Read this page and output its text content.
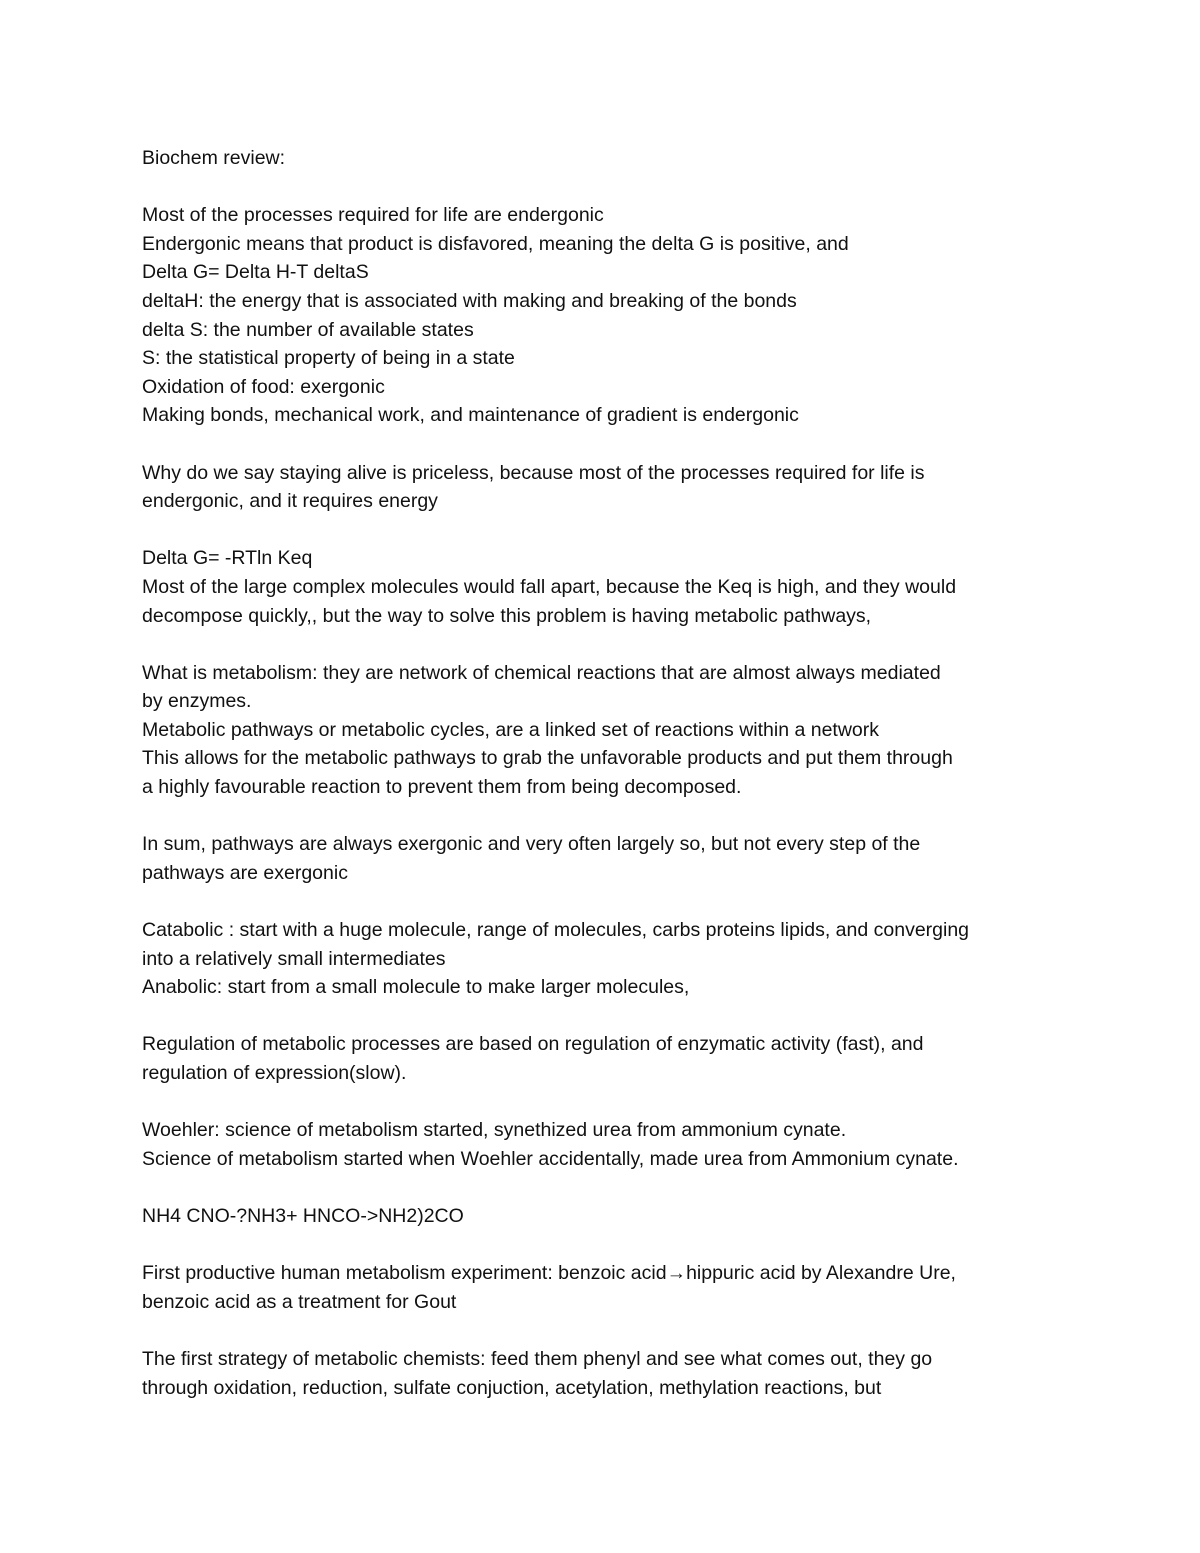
Biochem review:
Most of the processes required for life are endergonic
Endergonic means that product is disfavored, meaning the delta G is positive, and
Delta G= Delta H-T deltaS
deltaH: the energy that is associated with making and breaking of the bonds
delta S: the number of available states
S: the statistical property of being in a state
Oxidation of food: exergonic
Making bonds, mechanical work, and maintenance of gradient is endergonic
Why do we say staying alive is priceless, because most of the processes required for life is
endergonic, and it requires energy
Delta G= -RTln Keq
Most of the large complex molecules would fall apart, because the Keq is high, and they would
decompose quickly,, but the way to solve this problem is having metabolic pathways,
What is metabolism: they are network of chemical reactions that are almost always mediated
by enzymes.
Metabolic pathways or metabolic cycles, are a linked set of reactions within a network
This allows for the metabolic pathways to grab the unfavorable products and put them through
a highly favourable reaction to prevent them from being decomposed.
In sum, pathways are always exergonic and very often largely so, but not every step of the
pathways are exergonic
Catabolic : start with a huge molecule, range of molecules, carbs proteins lipids, and converging
into a relatively small intermediates
Anabolic: start from a small molecule to make larger molecules,
Regulation of metabolic processes are based on regulation of enzymatic activity (fast), and
regulation of expression(slow).
Woehler: science of metabolism started, synethized urea from ammonium cynate.
Science of metabolism started when Woehler accidentally, made urea from Ammonium cynate.
NH4 CNO-?NH3+ HNCO->NH2)2CO
First productive human metabolism experiment: benzoic acid→hippuric acid by Alexandre Ure,
benzoic acid as a treatment for Gout
The first strategy of metabolic chemists: feed them phenyl and see what comes out, they go
through oxidation, reduction, sulfate conjuction, acetylation, methylation reactions, but
